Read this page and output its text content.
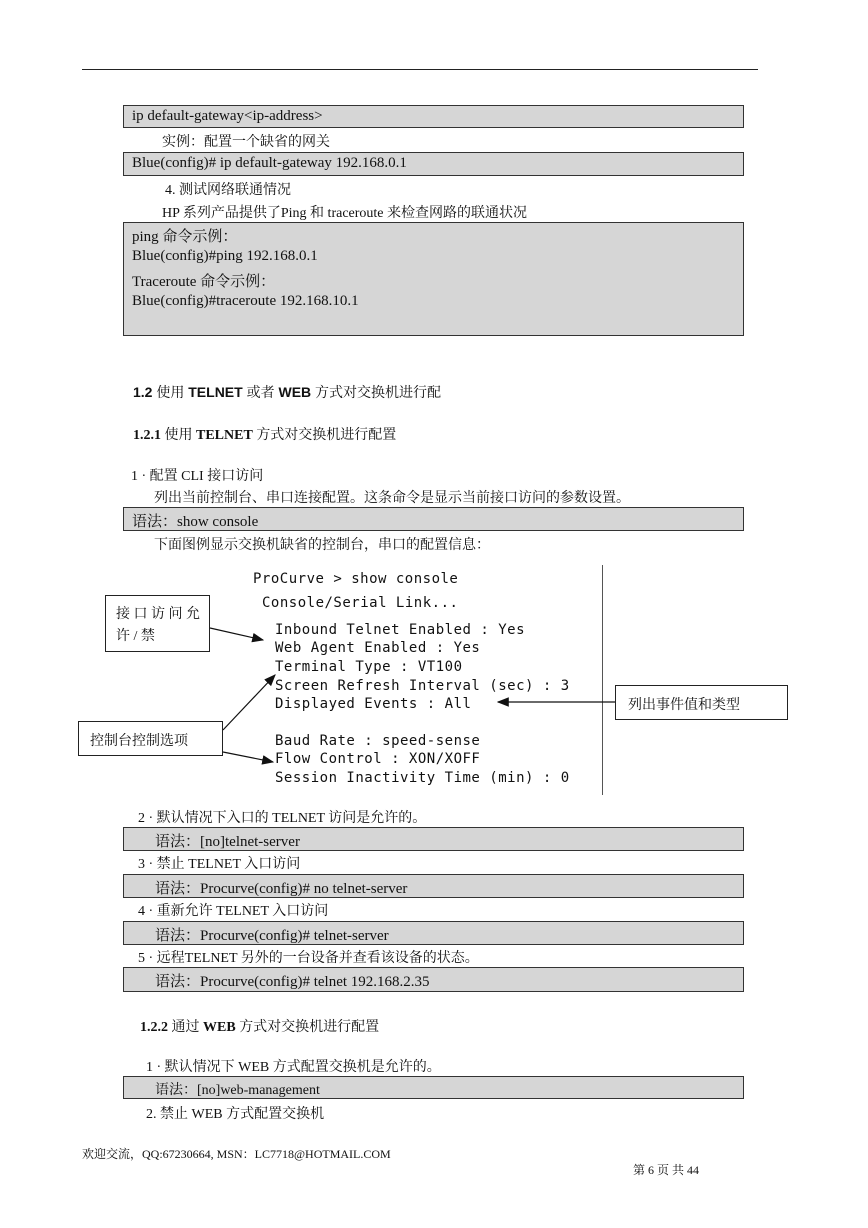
ip default-gateway<ip-address>
实例：配置一个缺省的网关
Blue(config)# ip default-gateway 192.168.0.1
4. 测试网络联通情况
HP 系列产品提供了Ping 和 traceroute 来检查网路的联通状况
ping 命令示例：
Blue(config)#ping 192.168.0.1
Traceroute 命令示例：
Blue(config)#traceroute 192.168.10.1
1.2 使用 TELNET 或者 WEB 方式对交换机进行配
1.2.1 使用 TELNET 方式对交换机进行配置
1 · 配置 CLI 接口访问
列出当前控制台、串口连接配置。这条命令是显示当前接口访问的参数设置。
语法：show console
下面图例显示交换机缺省的控制台，串口的配置信息：
ProCurve > show console
Console/Serial Link...
Inbound Telnet Enabled : Yes
Web Agent Enabled : Yes
Terminal Type : VT100
Screen Refresh Interval (sec) : 3
Displayed Events : All
Baud Rate : speed-sense
Flow Control : XON/XOFF
Session Inactivity Time (min) : 0
接 口 访 问 允
许 / 禁
列出事件值和类型
控制台控制选项
2 · 默认情况下入口的 TELNET 访问是允许的。
语法：[no]telnet-server
3 · 禁止 TELNET 入口访问
语法：Procurve(config)# no telnet-server
4 · 重新允许 TELNET 入口访问
语法：Procurve(config)# telnet-server
5 · 远程TELNET 另外的一台设备并查看该设备的状态。
语法：Procurve(config)# telnet 192.168.2.35
1.2.2 通过 WEB 方式对交换机进行配置
1 · 默认情况下 WEB 方式配置交换机是允许的。
语法：[no]web-management
2. 禁止 WEB 方式配置交换机
欢迎交流，QQ:67230664, MSN：LC7718@HOTMAIL.COM
第 6 页 共 44
